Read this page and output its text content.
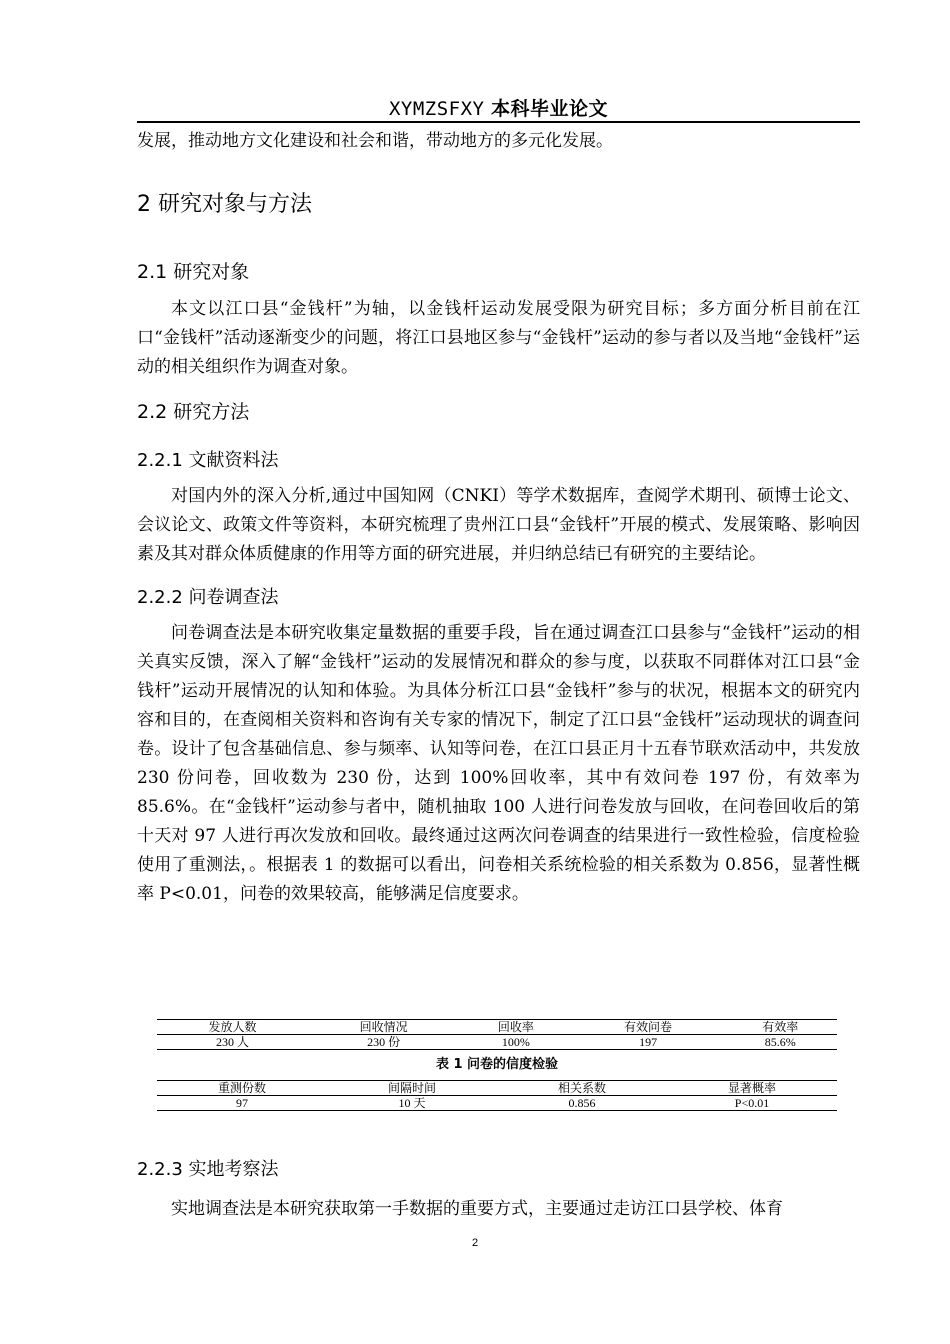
XYMZSFXY 本科毕业论文

发展，推动地方文化建设和社会和谐，带动地方的多元化发展。

2 研究对象与方法
2.1 研究对象

本文以江口县“金钱杆”为轴，以金钱杆运动发展受限为研究目标；多方面分析目前在江口“金钱杆”活动逐渐变少的问题，将江口县地区参与“金钱杆”运动的参与者以及当地“金钱杆”运动的相关组织作为调查对象。

2.2 研究方法
2.2.1 文献资料法

对国内外的深入分析,通过中国知网（CNKI）等学术数据库，查阅学术期刊、硕博士论文、会议论文、政策文件等资料，本研究梳理了贵州江口县“金钱杆”开展的模式、发展策略、影响因素及其对群众体质健康的作用等方面的研究进展，并归纳总结已有研究的主要结论。

2.2.2 问卷调查法

问卷调查法是本研究收集定量数据的重要手段，旨在通过调查江口县参与“金钱杆”运动的相关真实反馈，深入了解“金钱杆”运动的发展情况和群众的参与度，以获取不同群体对江口县“金钱杆”运动开展情况的认知和体验。为具体分析江口县“金钱杆”参与的状况，根据本文的研究内容和目的，在查阅相关资料和咨询有关专家的情况下，制定了江口县“金钱杆”运动现状的调查问卷。设计了包含基础信息、参与频率、认知等问卷，在江口县正月十五春节联欢活动中，共发放 230 份问卷，回收数为 230 份，达到 100%回收率，其中有效问卷 197 份，有效率为 85.6%。在“金钱杆”运动参与者中，随机抽取 100 人进行问卷发放与回收，在问卷回收后的第十天对 97 人进行再次发放和回收。最终通过这两次问卷调查的结果进行一致性检验，信度检验使用了重测法，。根据表 1 的数据可以看出，问卷相关系统检验的相关系数为 0.856，显著性概率 P<0.01，问卷的效果较高，能够满足信度要求。

发放人数	回收情况	回收率	有效问卷	有效率
230 人	230 份	100%	197	85.6%
表 1 问卷的信度检验
重测份数	间隔时间	相关系数	显著概率
97	10 天	0.856	P<0.01
2.2.3 实地考察法

实地调查法是本研究获取第一手数据的重要方式，主要通过走访江口县学校、体育

2
